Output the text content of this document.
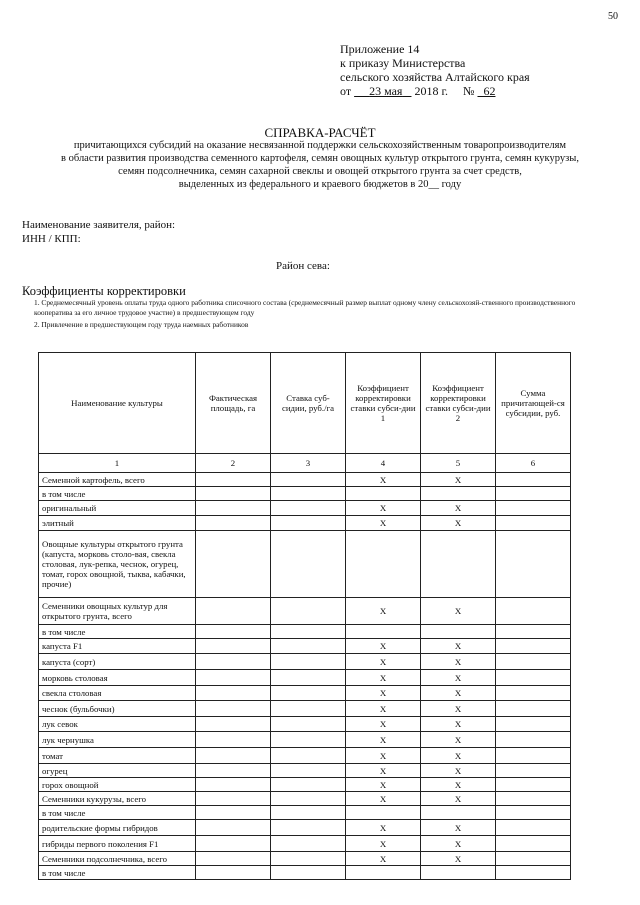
50
Приложение 14
к приказу Министерства
сельского хозяйства Алтайского края
от 23 мая 2018 г. № 62
СПРАВКА-РАСЧЁТ
причитающихся субсидий на оказание несвязанной поддержки сельскохозяйственным товаропроизводителям
в области развития производства семенного картофеля, семян овощных культур открытого грунта, семян кукурузы,
семян подсолнечника, семян сахарной свеклы и овощей открытого грунта за счет средств,
выделенных из федерального и краевого бюджетов в 20__ году
Наименование заявителя, район:
ИНН / КПП:
Район сева:
Коэффициенты корректировки
1. Среднемесячный уровень оплаты труда одного работника списочного состава (среднемесячный размер выплат одному члену сельскохозяй-ственного производственного кооператива за его личное трудовое участие) в предшествующем году
2. Привлечение в предшествующем году труда наемных работников
Наименование культуры	Фактическая площадь, га	Ставка суб-сидии, руб./га	Коэффициент корректировки ставки субси-дии 1	Коэффициент корректировки ставки субси-дии 2	Сумма причитающей-ся субсидии, руб.
1	2	3	4	5	6
Семенной картофель, всего			X	X	
в том числе					
оригинальный			X	X	
элитный			X	X	
Овощные культуры открытого грунта (капуста, морковь столо-вая, свекла столовая, лук-репка, чеснок, огурец, томат, горох овощной, тыква, кабачки, прочие)					
Семенники овощных культур для открытого грунта, всего			X	X	
в том числе					
капуста F1			X	X	
капуста (сорт)			X	X	
морковь столовая			X	X	
свекла столовая			X	X	
чеснок (бульбочки)			X	X	
лук севок			X	X	
лук чернушка			X	X	
томат			X	X	
огурец			X	X	
горох овощной			X	X	
Семенники кукурузы, всего			X	X	
в том числе					
родительские формы гибридов			X	X	
гибриды первого поколения F1			X	X	
Семенники подсолнечника, всего			X	X	
в том числе					
